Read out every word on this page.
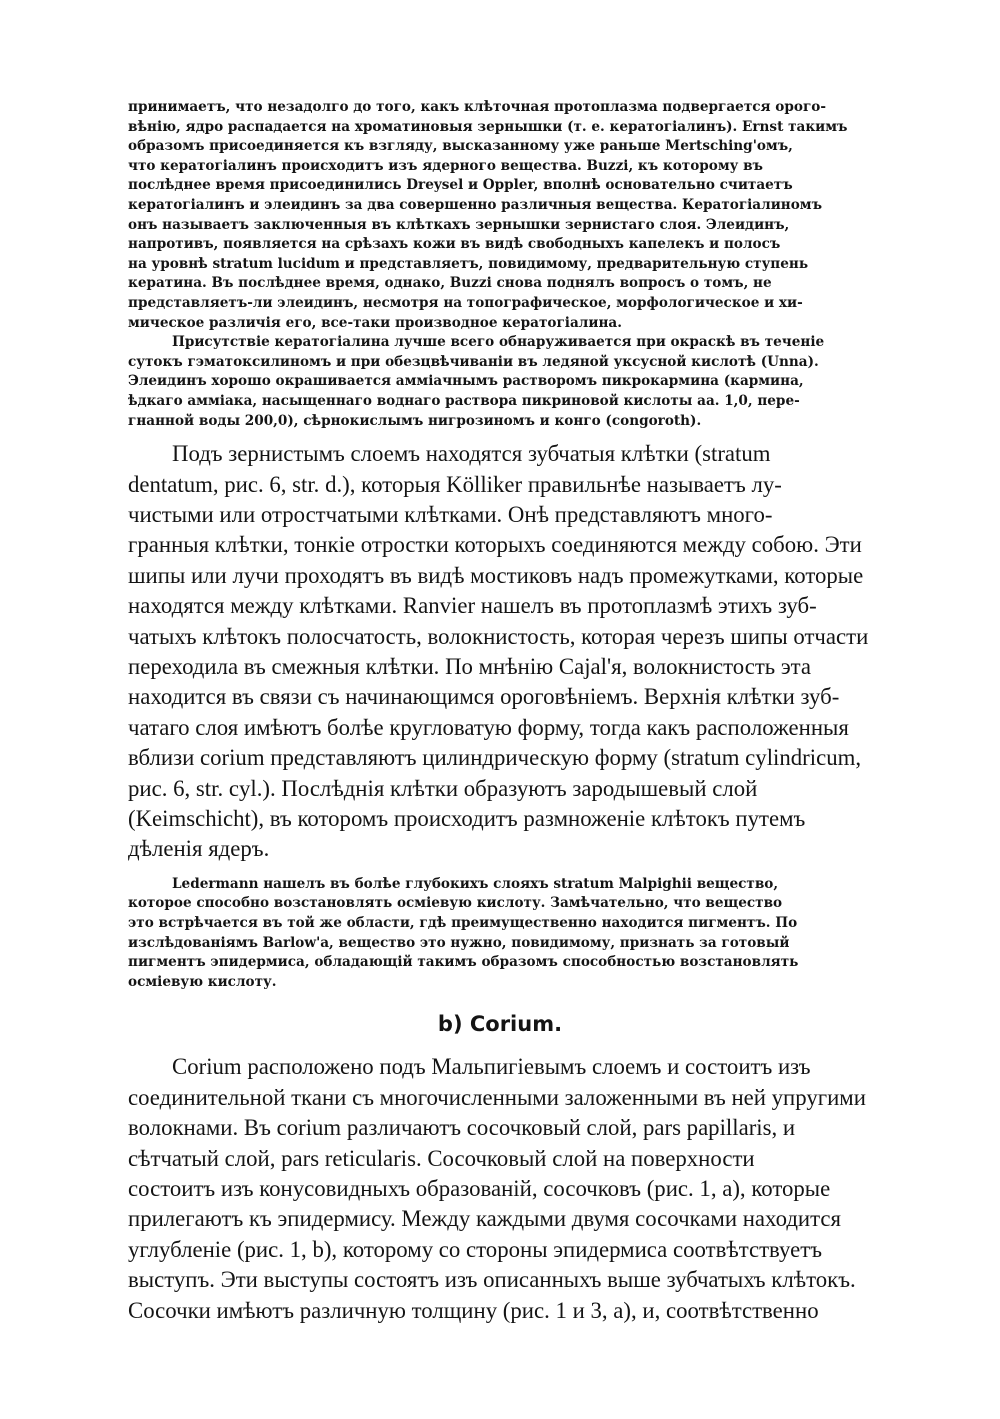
принимаетъ, что незадолго до того, какъ клѣточная протоплазма подвергается орого-
вѣнію, ядро распадается на хроматиновыя зернышки (т. е. кератогіалинъ). Ernst такимъ
образомъ присоединяется къ взгляду, высказанному уже раньше Mertsching'омъ,
что кератогіалинъ происходитъ изъ ядерного вещества. Buzzi, къ которому въ
послѣднее время присоединились Dreysel и Oppler, вполнѣ основательно считаетъ
кератогіалинъ и элеидинъ за два совершенно различныя вещества. Кератогіалиномъ
онъ называетъ заключенныя въ клѣткахъ зернышки зернистаго слоя. Элеидинъ,
напротивъ, появляется на срѣзахъ кожи въ видѣ свободныхъ капелекъ и полосъ
на уровнѣ stratum lucidum и представляетъ, повидимому, предварительную ступень
кератина. Въ послѣднее время, однако, Buzzi снова поднялъ вопросъ о томъ, не
представляетъ-ли элеидинъ, несмотря на топографическое, морфологическое и хи-
мическое различія его, все-таки производное кератогіалина.
Присутствіе кератогіалина лучше всего обнаруживается при окраскѣ въ теченіе
сутокъ гэматоксилиномъ и при обезцвѣчиваніи въ ледяной уксусной кислотѣ (Unna).
Элеидинъ хорошо окрашивается аммiачнымъ растворомъ пикрокармина (кармина,
ѣдкаго аммiака, насыщеннаго воднаго раствора пикриновой кислоты аа. 1,0, пере-
гнанной воды 200,0), сѣрнокислымъ нигрозиномъ и конго (congoroth).
Подъ зернистымъ слоемъ находятся зубчатыя клѣтки (stratum
dentatum, рис. 6, str. d.), которыя Kölliker правильнѣе называетъ лу-
чистыми или отростчатыми клѣтками. Онѣ представляютъ много-
гранныя клѣтки, тонкіе отростки которыхъ соединяются между собою. Эти
шипы или лучи проходятъ въ видѣ мостиковъ надъ промежутками, которые
находятся между клѣтками. Ranvier нашелъ въ протоплазмѣ этихъ зуб-
чатыхъ клѣтокъ полосчатость, волокнистость, которая черезъ шипы отчасти
переходила въ смежныя клѣтки. По мнѣнію Cajal'я, волокнистость эта
находится въ связи съ начинающимся ороговѣніемъ. Верхнія клѣтки зуб-
чатаго слоя имѣютъ болѣе кругловатую форму, тогда какъ расположенныя
вблизи corium представляютъ цилиндрическую форму (stratum cylindricum,
рис. 6, str. cyl.). Послѣднія клѣтки образуютъ зародышевый слой
(Keimschicht), въ которомъ происходитъ размноженіе клѣтокъ путемъ
дѣленія ядеръ.
Ledermann нашелъ въ болѣе глубокихъ слояхъ stratum Malpighii вещество,
которое способно возстановлять осміевую кислоту. Замѣчательно, что вещество
это встрѣчается въ той же области, гдѣ преимущественно находится пигментъ. По
изслѣдованіямъ Barlow'а, вещество это нужно, повидимому, признать за готовый
пигментъ эпидермиса, обладающій такимъ образомъ способностью возстановлять
осміевую кислоту.
b) Corium.
Corium расположено подъ Мальпигіевымъ слоемъ и состоитъ изъ
соединительной ткани съ многочисленными заложенными въ ней упругими
волокнами. Въ corium различаютъ сосочковый слой, pars papillaris, и
сѣтчатый слой, pars reticularis. Сосочковый слой на поверхности
состоитъ изъ конусовидныхъ образованій, сосочковъ (рис. 1, a), которые
прилегаютъ къ эпидермису. Между каждыми двумя сосочками находится
углубленіе (рис. 1, b), которому со стороны эпидермиса соотвѣтствуетъ
выступъ. Эти выступы состоятъ изъ описанныхъ выше зубчатыхъ клѣтокъ.
Сосочки имѣютъ различную толщину (рис. 1 и 3, a), и, соотвѣтственно
